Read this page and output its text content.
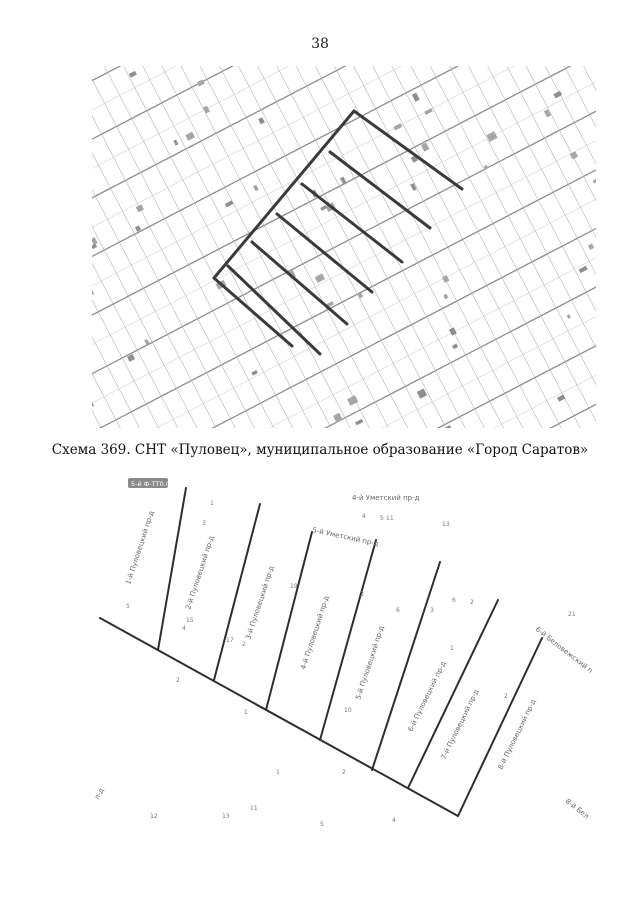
38
Схема 369. СНТ «Пуловец», муниципальное образование «Город Саратов»
5-й Ф-ТТ0.0
1-й Пуловецкий пр-д	2-й Пуловецкий пр-д	3-й Пуловецкий пр-д	4-й Пуловецкий пр-д	5-й Пуловецкий пр-д	6-й Пуловецкий пр-д
7-й Пуловецкий пр-д 8-й Пуловецкий пр-д
4-й Уметский пр-д
5-й Уметский пр-д
6-й Беловежский п
8-й Бел
л-д
1
3
5
2
4
15
17
19
2
1
3
10
5
4	11
13
6
6
3
2
1
11
13
5
21
4
2
12
1
2
